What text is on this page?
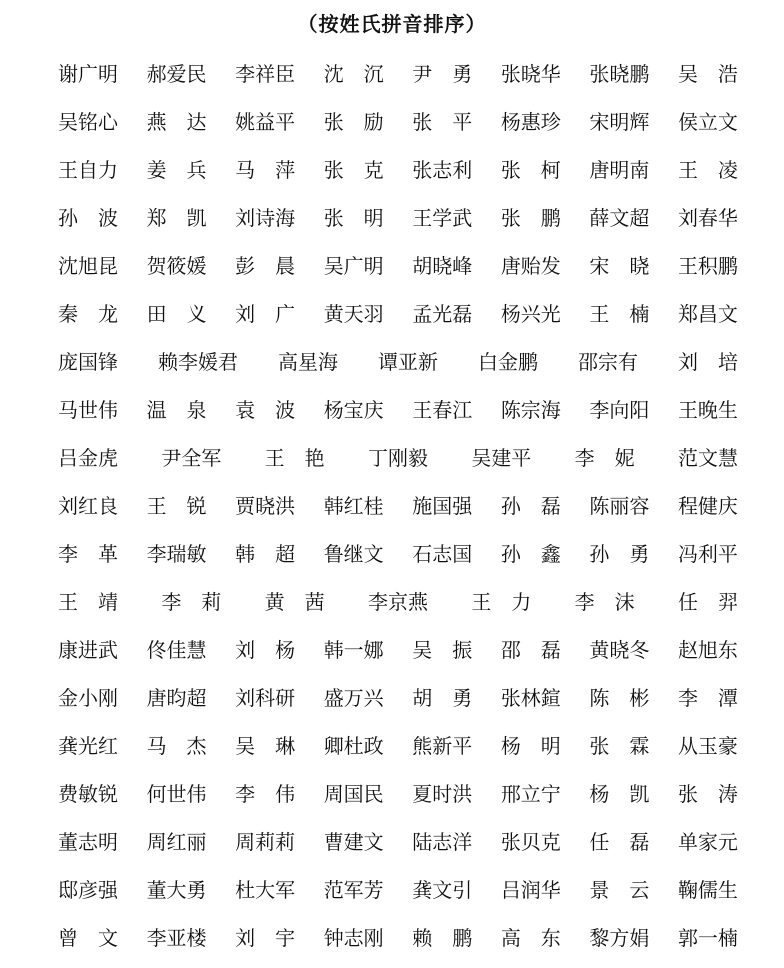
（按姓氏拼音排序）
谢广明 郝爱民 李祥臣 沈　沉 尹　勇 张晓华 张晓鹏 吴　浩
吴铭心 燕　达 姚益平 张　励 张　平 杨惠珍 宋明辉 侯立文
王自力 姜　兵 马　萍 张　克 张志利 张　柯 唐明南 王　凌
孙　波 郑　凯 刘诗海 张　明 王学武 张　鹏 薛文超 刘春华
沈旭昆 贺筱媛 彭　晨 吴广明 胡晓峰 唐贻发 宋　晓 王积鹏
秦　龙 田　义 刘　广 黄天羽 孟光磊 杨兴光 王　楠 郑昌文
庞国锋 赖李媛君 高星海 谭亚新 白金鹏 邵宗有 刘　培
马世伟 温　泉 袁　波 杨宝庆 王春江 陈宗海 李向阳 王晚生
吕金虎 尹全军 王　艳 丁刚毅 吴建平 李　妮 范文慧
刘红良 王　锐 贾晓洪 韩红桂 施国强 孙　磊 陈丽容 程健庆
李　革 李瑞敏 韩　超 鲁继文 石志国 孙　鑫 孙　勇 冯利平
王　靖 李　莉 黄　茜 李京燕 王　力 李　沫 任　羿
康进武 佟佳慧 刘　杨 韩一娜 吴　振 邵　磊 黄晓冬 赵旭东
金小刚 唐昀超 刘科研 盛万兴 胡　勇 张林鍹 陈　彬 李　潭
龚光红 马　杰 吴　琳 卿杜政 熊新平 杨　明 张　霖 从玉豪
费敏锐 何世伟 李　伟 周国民 夏时洪 邢立宁 杨　凯 张　涛
董志明 周红丽 周莉莉 曹建文 陆志洋 张贝克 任　磊 单家元
邸彦强 董大勇 杜大军 范军芳 龚文引 吕润华 景　云 鞠儒生
曾　文 李亚楼 刘　宇 钟志刚 赖　鹏 高　东 黎方娟 郭一楠
